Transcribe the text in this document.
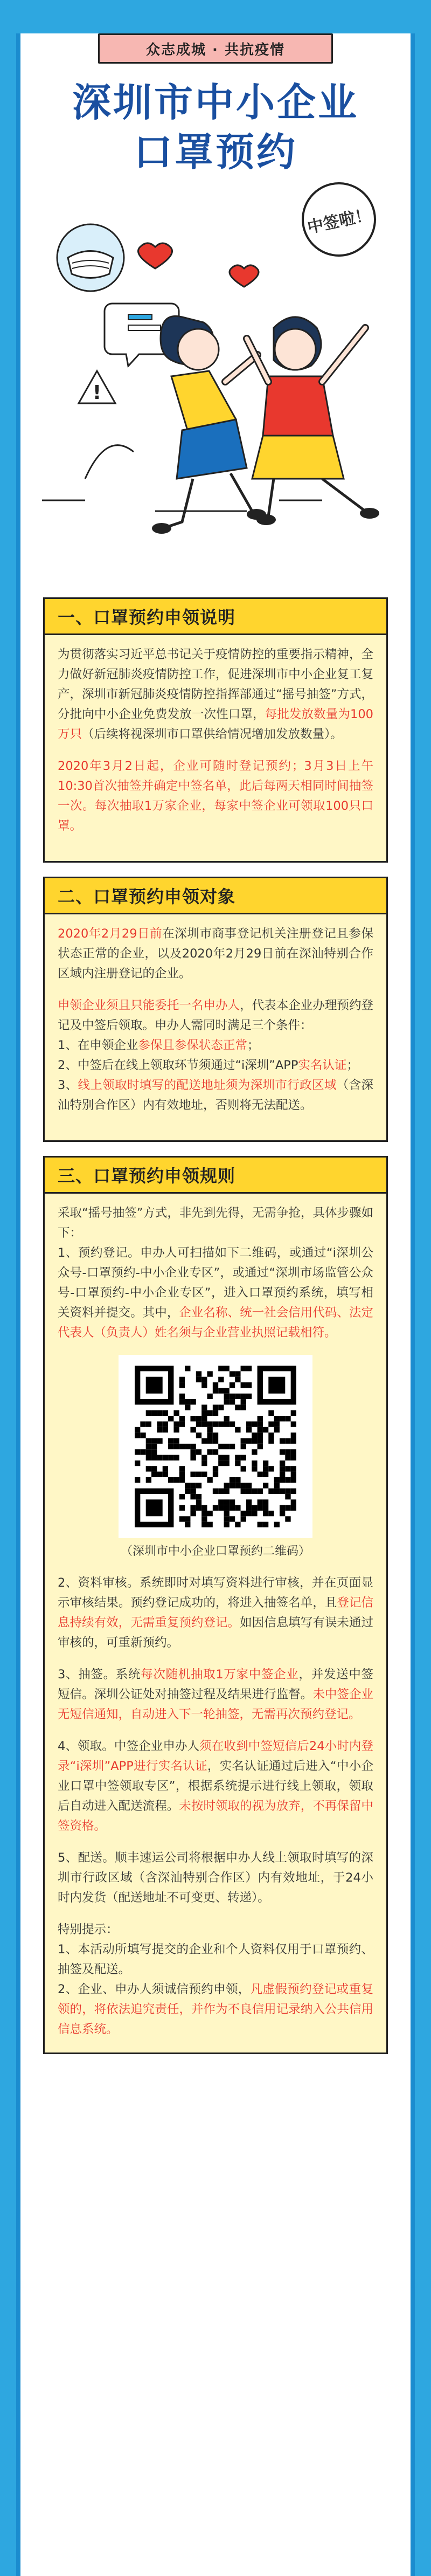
众志成城 · 共抗疫情
深圳市中小企业
口罩预约
中签啦！
!
一、口罩预约申领说明

为贯彻落实习近平总书记关于疫情防控的重要指示精神，全力做好新冠肺炎疫情防控工作，促进深圳市中小企业复工复产，深圳市新冠肺炎疫情防控指挥部通过“摇号抽签”方式，分批向中小企业免费发放一次性口罩，每批发放数量为100万只（后续将视深圳市口罩供给情况增加发放数量）。

2020年3月2日起，企业可随时登记预约；3月3日上午10:30首次抽签并确定中签名单，此后每两天相同时间抽签一次。每次抽取1万家企业，每家中签企业可领取100只口罩。

二、口罩预约申领对象

2020年2月29日前在深圳市商事登记机关注册登记且参保状态正常的企业，以及2020年2月29日前在深汕特别合作区域内注册登记的企业。

申领企业须且只能委托一名申办人，代表本企业办理预约登记及中签后领取。申办人需同时满足三个条件：
1、在申领企业参保且参保状态正常；
2、中签后在线上领取环节须通过“i深圳”APP实名认证；
3、线上领取时填写的配送地址须为深圳市行政区域（含深汕特别合作区）内有效地址，否则将无法配送。

三、口罩预约申领规则

采取“摇号抽签”方式，非先到先得，无需争抢，具体步骤如下：

1、预约登记。申办人可扫描如下二维码，或通过“i深圳公众号-口罩预约-中小企业专区”，或通过“深圳市场监管公众号-口罩预约-中小企业专区”，进入口罩预约系统，填写相关资料并提交。其中，企业名称、统一社会信用代码、法定代表人（负责人）姓名须与企业营业执照记载相符。

（深圳市中小企业口罩预约二维码）

2、资料审核。系统即时对填写资料进行审核，并在页面显示审核结果。预约登记成功的，将进入抽签名单，且登记信息持续有效，无需重复预约登记。如因信息填写有误未通过审核的，可重新预约。

3、抽签。系统每次随机抽取1万家中签企业，并发送中签短信。深圳公证处对抽签过程及结果进行监督。未中签企业无短信通知，自动进入下一轮抽签，无需再次预约登记。

4、领取。中签企业申办人须在收到中签短信后24小时内登录“i深圳”APP进行实名认证，实名认证通过后进入“中小企业口罩中签领取专区”，根据系统提示进行线上领取，领取后自动进入配送流程。未按时领取的视为放弃，不再保留中签资格。

5、配送。顺丰速运公司将根据申办人线上领取时填写的深圳市行政区域（含深汕特别合作区）内有效地址，于24小时内发货（配送地址不可变更、转递）。

特别提示：
1、本活动所填写提交的企业和个人资料仅用于口罩预约、抽签及配送。
2、企业、申办人须诚信预约申领，凡虚假预约登记或重复领的，将依法追究责任，并作为不良信用记录纳入公共信用信息系统。
